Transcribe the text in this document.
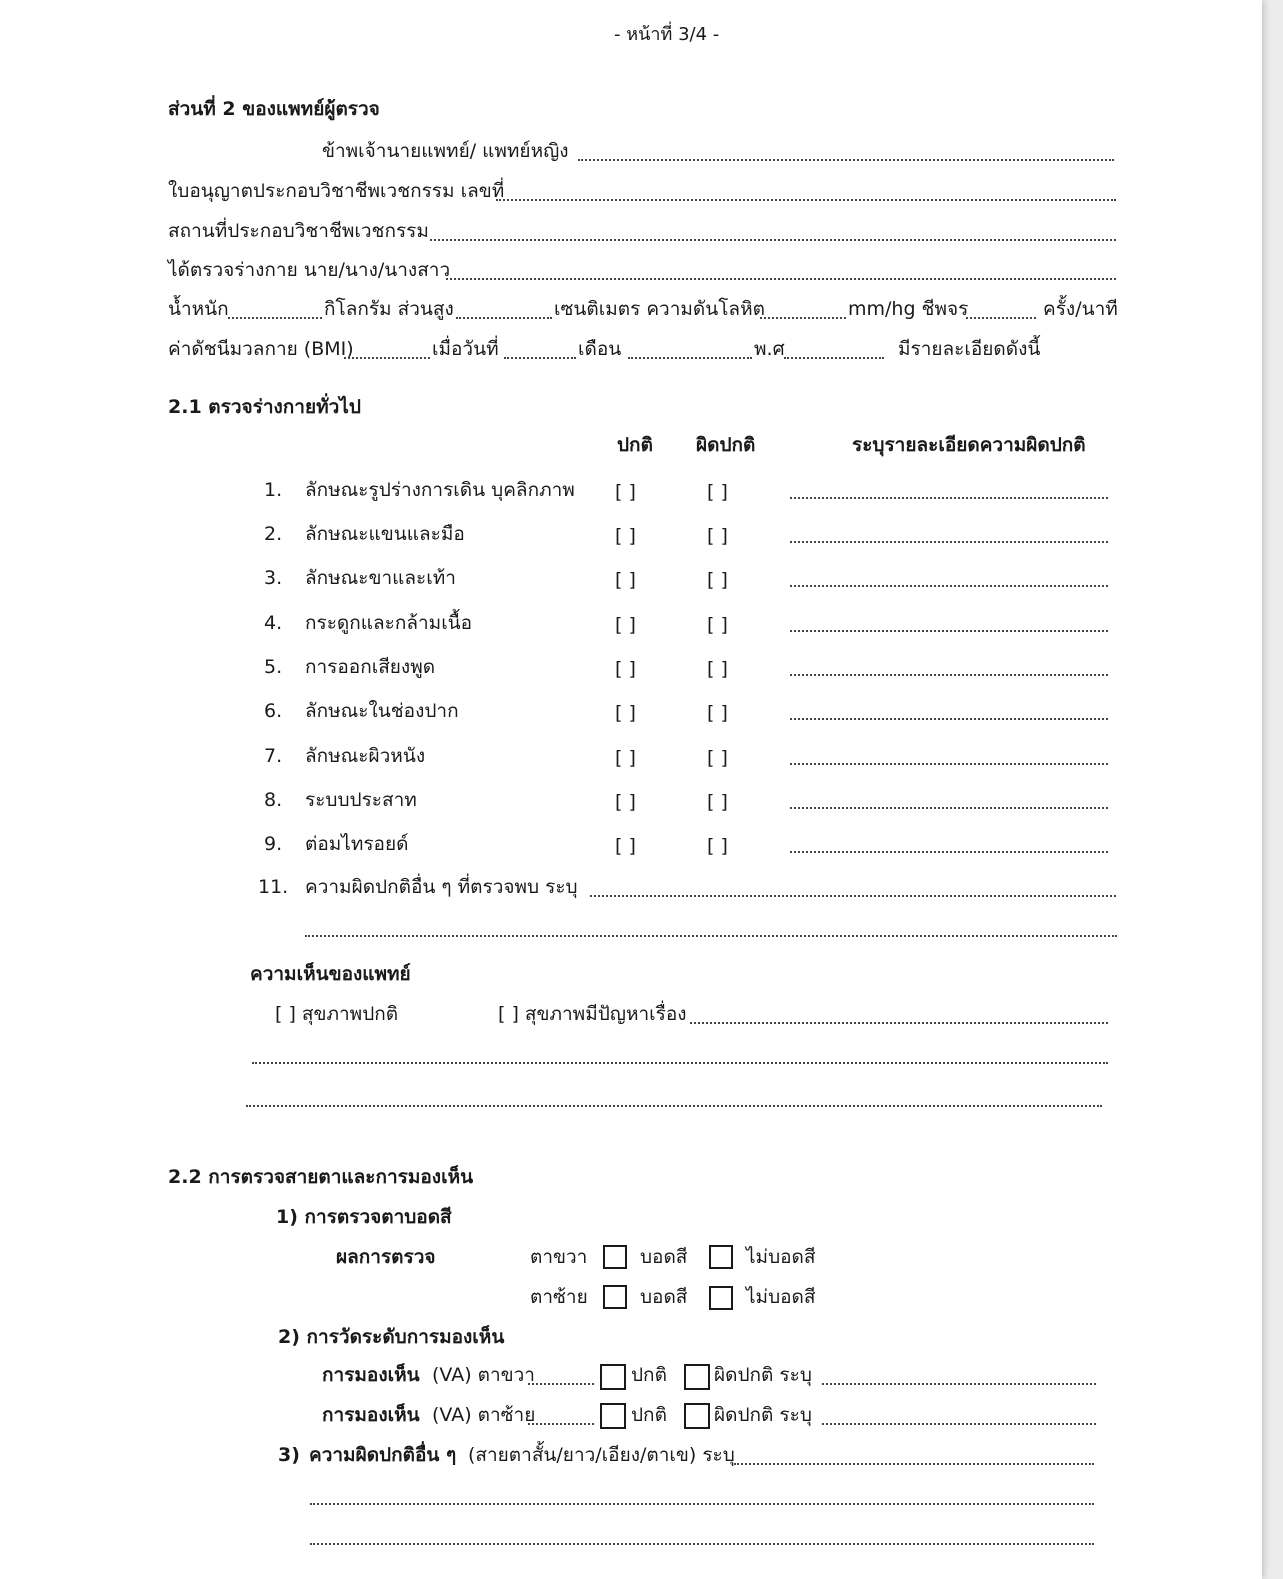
- หน้าที่ 3/4 -
ส่วนที่ 2 ของแพทย์ผู้ตรวจ
ข้าพเจ้านายแพทย์/ แพทย์หญิง
ใบอนุญาตประกอบวิชาชีพเวชกรรม เลขที่
สถานที่ประกอบวิชาชีพเวชกรรม
ได้ตรวจร่างกาย นาย/นาง/นางสาว
น้ำหนัก	กิโลกรัม ส่วนสูง	เซนติเมตร ความดันโลหิต	mm/hg ชีพจร	ครั้ง/นาที
ค่าดัชนีมวลกาย (BMI)	เมื่อวันที่	เดือน	พ.ศ	มีรายละเอียดดังนี้
2.1 ตรวจร่างกายทั่วไป
ปกติ ผิดปกติ	ระบุรายละเอียดความผิดปกติ
1. ลักษณะรูปร่างการเดิน บุคลิกภาพ [ ]	[ ]
2. ลักษณะแขนและมือ	[ ]	[ ]
3. ลักษณะขาและเท้า	[ ]	[ ]
4. กระดูกและกล้ามเนื้อ	[ ]	[ ]
5. การออกเสียงพูด	[ ]	[ ]
6. ลักษณะในช่องปาก	[ ]	[ ]
7. ลักษณะผิวหนัง	[ ]	[ ]
8. ระบบประสาท	[ ]	[ ]
9. ต่อมไทรอยด์	[ ]	[ ]
11. ความผิดปกติอื่น ๆ ที่ตรวจพบ ระบุ
ความเห็นของแพทย์
[ ] สุขภาพปกติ	[ ] สุขภาพมีปัญหาเรื่อง
2.2 การตรวจสายตาและการมองเห็น
1) การตรวจตาบอดสี
ผลการตรวจ	ตาขวา	บอดสี	ไม่บอดสี
ตาซ้าย	บอดสี	ไม่บอดสี
2) การวัดระดับการมองเห็น
การมองเห็น (VA) ตาขวา	ปกติ ผิดปกติ ระบุ
การมองเห็น (VA) ตาซ้าย	ปกติ ผิดปกติ ระบุ
3) ความผิดปกติอื่น ๆ (สายตาสั้น/ยาว/เอียง/ตาเข) ระบุ
